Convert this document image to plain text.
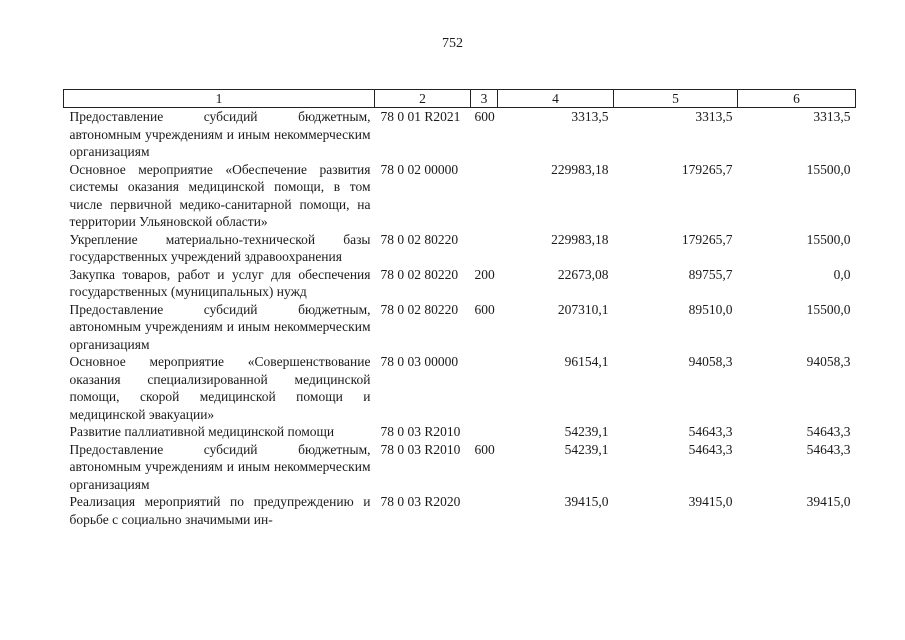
752
1	2	3	4	5	6
Предоставление субсидий бюджетным, автономным учреждениям и иным некоммерческим организациям	78 0 01 R2021	600	3313,5	3313,5	3313,5
Основное мероприятие «Обеспечение развития системы оказания медицинской помощи, в том числе первичной медико-санитарной помощи, на территории Ульяновской области»	78 0 02 00000		229983,18	179265,7	15500,0
Укрепление материально-технической базы государственных учреждений здравоохранения	78 0 02 80220		229983,18	179265,7	15500,0
Закупка товаров, работ и услуг для обеспечения государственных (муниципальных) нужд	78 0 02 80220	200	22673,08	89755,7	0,0
Предоставление субсидий бюджетным, автономным учреждениям и иным некоммерческим организациям	78 0 02 80220	600	207310,1	89510,0	15500,0
Основное мероприятие «Совершенствование оказания специализированной медицинской помощи, скорой медицинской помощи и медицинской эвакуации»	78 0 03 00000		96154,1	94058,3	94058,3
Развитие паллиативной медицинской помощи	78 0 03 R2010		54239,1	54643,3	54643,3
Предоставление субсидий бюджетным, автономным учреждениям и иным некоммерческим организациям	78 0 03 R2010	600	54239,1	54643,3	54643,3
Реализация мероприятий по предупреждению и борьбе с социально значимыми ин-	78 0 03 R2020		39415,0	39415,0	39415,0
